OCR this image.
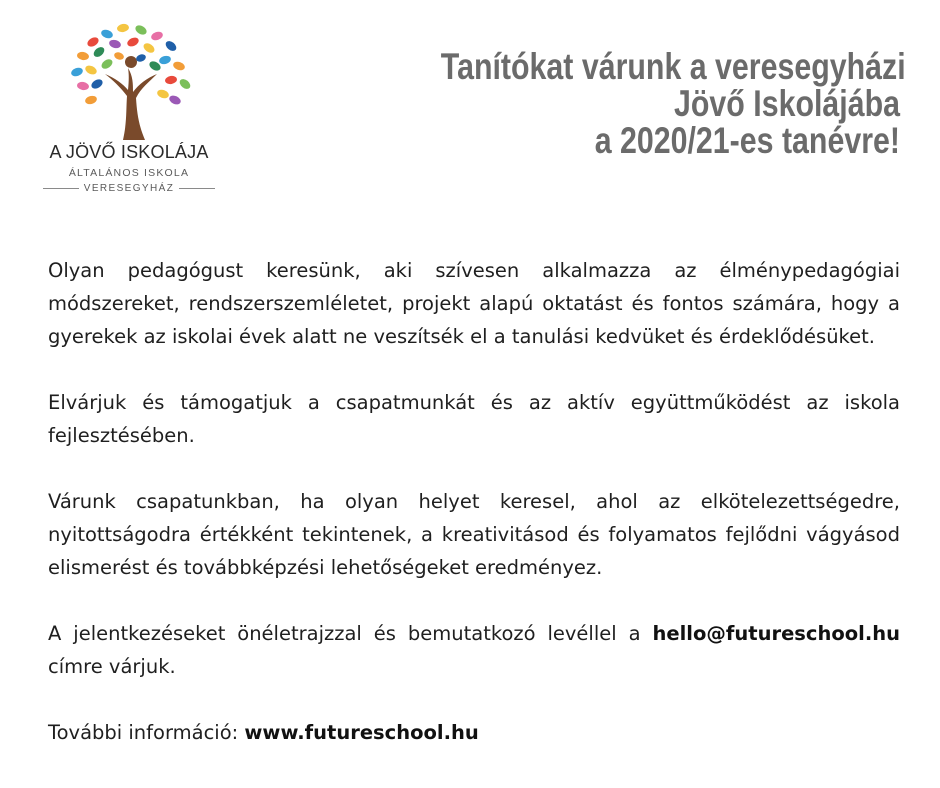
A JÖVŐ ISKOLÁJA
ÁLTALÁNOS ISKOLA
VERESEGYHÁZ
Tanítókat várunk a veresegyházi
Jövő Iskolájába
a 2020/21-es tanévre!

Olyan pedagógust keresünk, aki szívesen alkalmazza az élménypedagógiai módszereket, rendszerszemléletet, projekt alapú oktatást és fontos számára, hogy a gyerekek az iskolai évek alatt ne veszítsék el a tanulási kedvüket és érdeklődésüket.

Elvárjuk és támogatjuk a csapatmunkát és az aktív együttműködést az iskola fejlesztésében.

Várunk csapatunkban, ha olyan helyet keresel, ahol az elkötelezettségedre, nyitottságodra értékként tekintenek, a kreativitásod és folyamatos fejlődni vágyásod elismerést és továbbképzési lehetőségeket eredményez.

A jelentkezéseket önéletrajzzal és bemutatkozó levéllel a hello@futureschool.hu címre várjuk.

További információ: www.futureschool.hu
